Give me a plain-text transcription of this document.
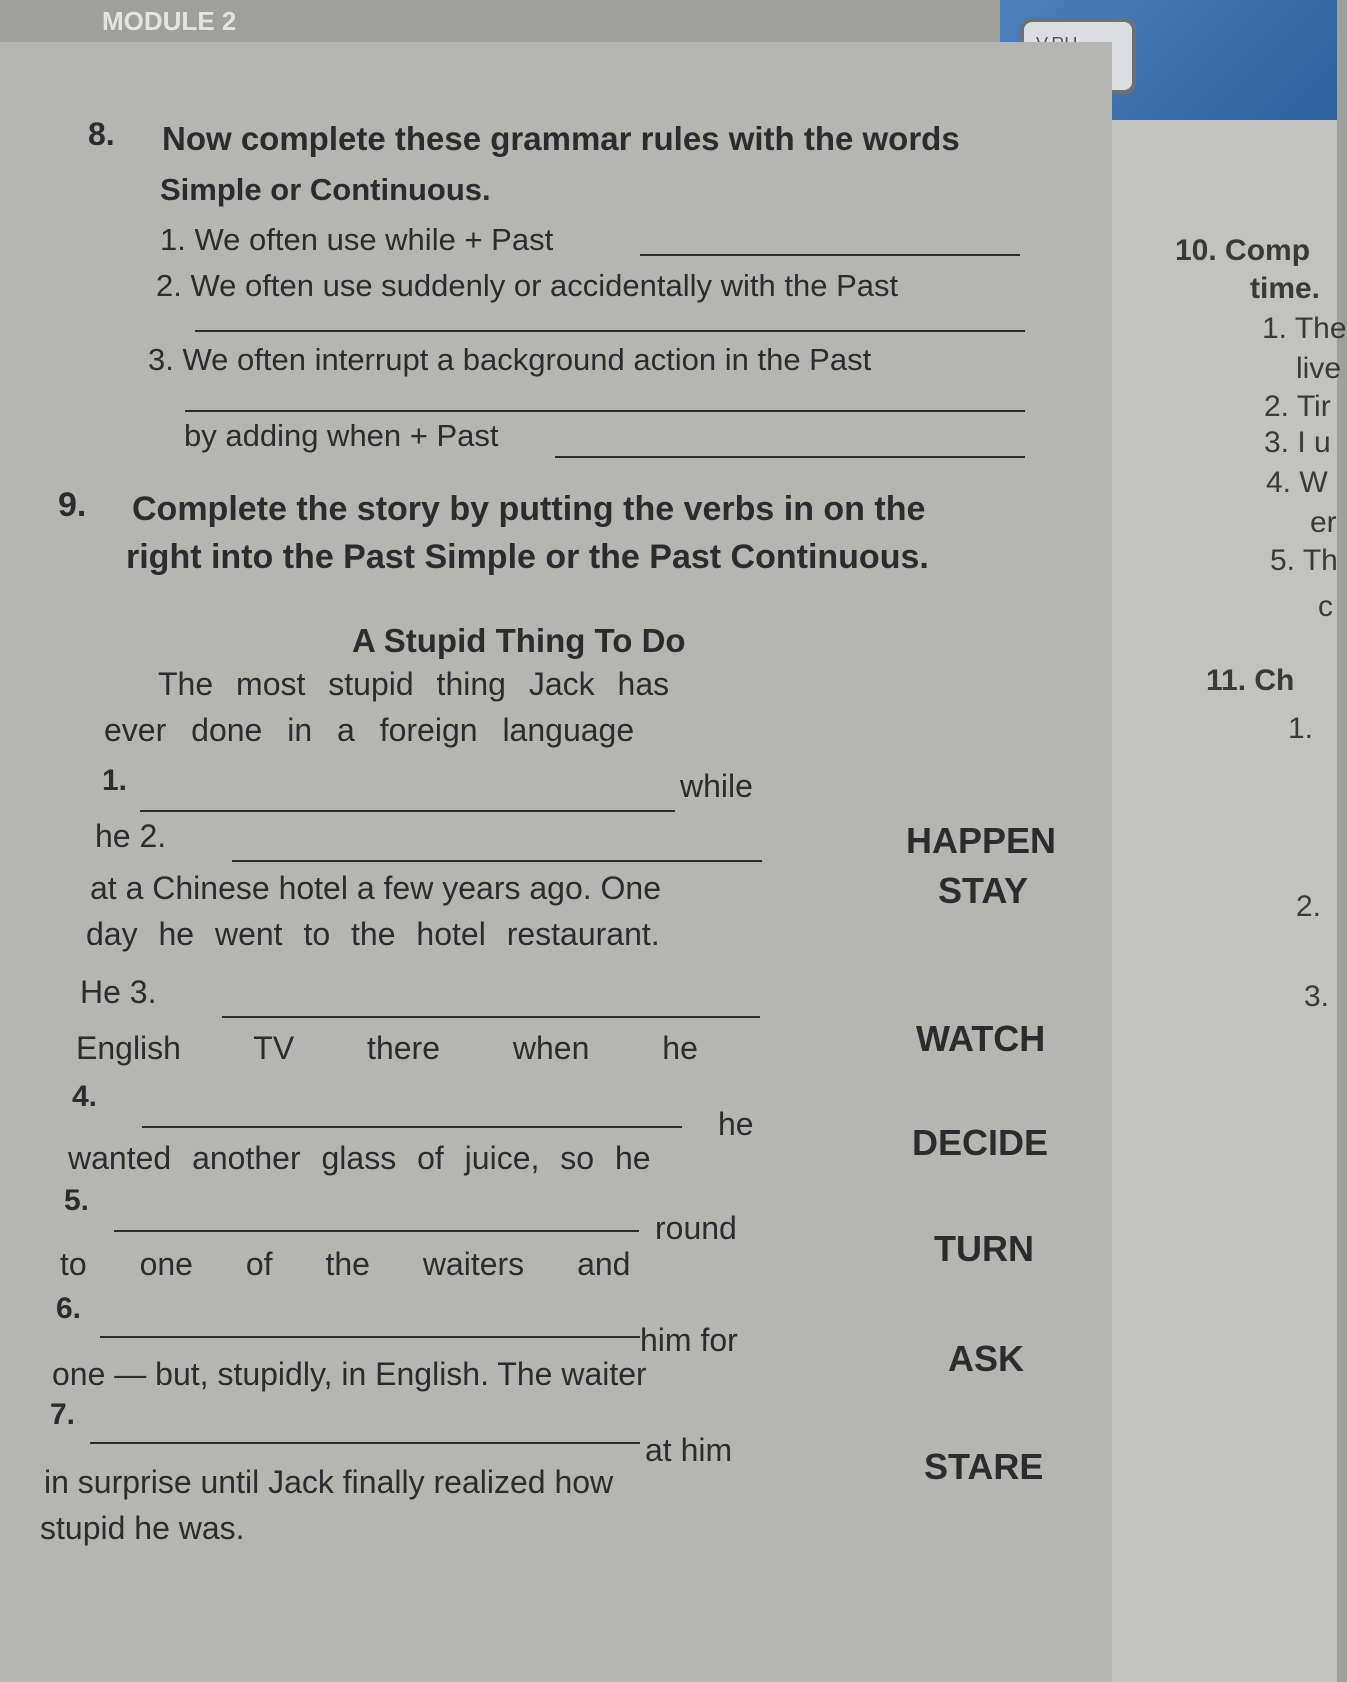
MODULE 2
8. Now complete these grammar rules with the words
Simple or Continuous.
1. We often use while + Past
2. We often use suddenly or accidentally with the Past
3. We often interrupt a background action in the Past
by adding when + Past
9. Complete the story by putting the verbs in on the
right into the Past Simple or the Past Continuous.
A Stupid Thing To Do
The most stupid thing Jack has
ever done in a foreign language
1.	while
he 2.
at a Chinese hotel a few years ago. One
day he went to the hotel restaurant.
He 3.
English TV there when he
4.
he
wanted another glass of juice, so he
5.
round
to one of the waiters and
6.
him for
one — but, stupidly, in English. The waiter
7.
at him
in surprise until Jack finally realized how
stupid he was.
HAPPEN
STAY
WATCH
DECIDE
TURN
ASK
STARE
10. Comp
time.
1. The
live
2. Tir
3. I u
4. W
er
5. Th
c
11. Ch
1.
2.
3.
